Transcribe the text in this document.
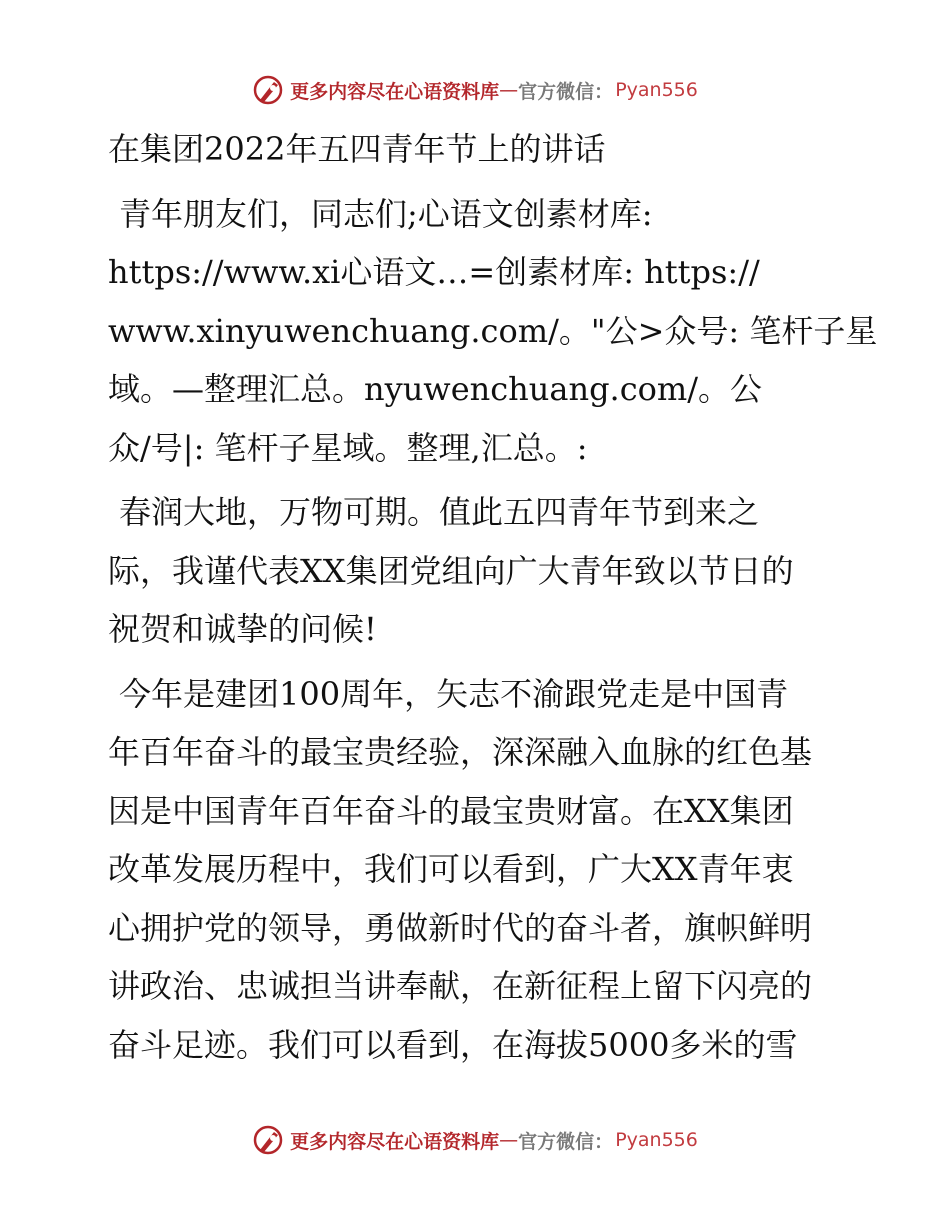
更多内容尽在心语资料库 — 官方微信： Pyan556

在集团2022年五四青年节上的讲话

青年朋友们，同志们;心语文创素材库:
https://www.xi心语文…=创素材库: https://
www.xinyuwenchuang.com/。"公>众号: 笔杆子星
域。—整理汇总。nyuwenchuang.com/。公
众/号|: 笔杆子星域。整理,汇总。:

春润大地，万物可期。值此五四青年节到来之
际，我谨代表XX集团党组向广大青年致以节日的
祝贺和诚挚的问候!

今年是建团100周年，矢志不渝跟党走是中国青
年百年奋斗的最宝贵经验，深深融入血脉的红色基
因是中国青年百年奋斗的最宝贵财富。在XX集团
改革发展历程中，我们可以看到，广大XX青年衷
心拥护党的领导，勇做新时代的奋斗者，旗帜鲜明
讲政治、忠诚担当讲奉献，在新征程上留下闪亮的
奋斗足迹。我们可以看到，在海拔5000多米的雪

更多内容尽在心语资料库 — 官方微信： Pyan556
